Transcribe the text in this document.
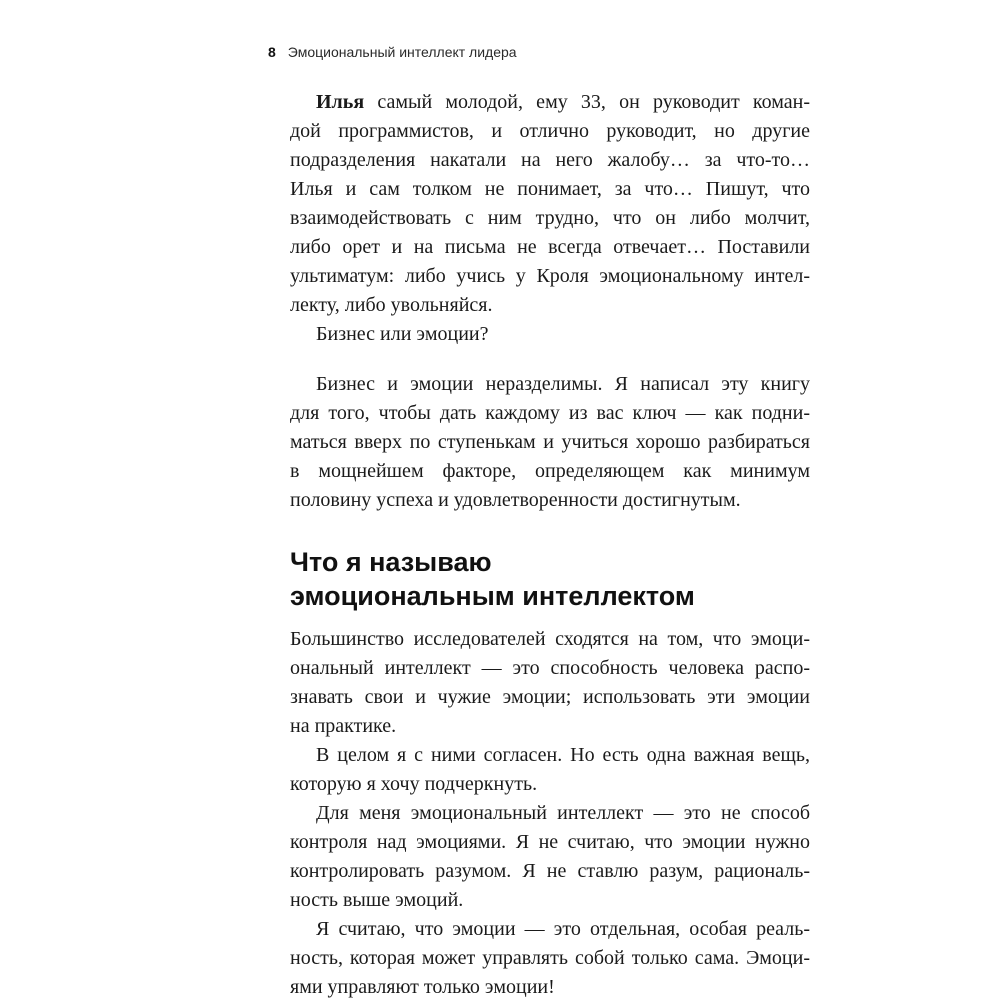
8 Эмоциональный интеллект лидера
Илья самый молодой, ему 33, он руководит коман-
дой программистов, и отлично руководит, но другие
подразделения накатали на него жалобу… за что-то…
Илья и сам толком не понимает, за что… Пишут, что
взаимодействовать с ним трудно, что он либо молчит,
либо орет и на письма не всегда отвечает… Поставили
ультиматум: либо учись у Кроля эмоциональному интел-
лекту, либо увольняйся.
Бизнес или эмоции?
Бизнес и эмоции неразделимы. Я написал эту книгу
для того, чтобы дать каждому из вас ключ — как подни-
маться вверх по ступенькам и учиться хорошо разбираться
в мощнейшем факторе, определяющем как минимум
половину успеха и удовлетворенности достигнутым.
Что я называю
эмоциональным интеллектом
Большинство исследователей сходятся на том, что эмоци-
ональный интеллект — это способность человека распо-
знавать свои и чужие эмоции; использовать эти эмоции
на практике.
В целом я с ними согласен. Но есть одна важная вещь,
которую я хочу подчеркнуть.
Для меня эмоциональный интеллект — это не способ
контроля над эмоциями. Я не считаю, что эмоции нужно
контролировать разумом. Я не ставлю разум, рациональ-
ность выше эмоций.
Я считаю, что эмоции — это отдельная, особая реаль-
ность, которая может управлять собой только сама. Эмоци-
ями управляют только эмоции!
